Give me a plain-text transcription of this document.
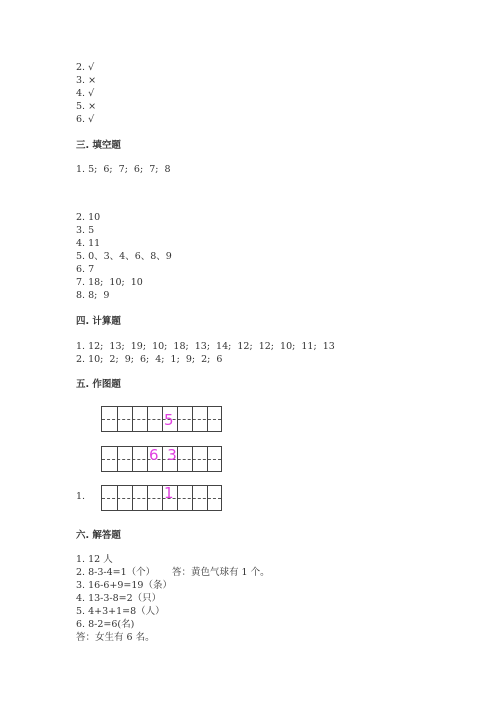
2. √
3. ×
4. √
5. ×
6. √
三. 填空题
1. 5;  6;  7;  6;  7;  8
2. 10
3. 5
4. 11
5. 0、3、4、6、8、9
6. 7
7. 18;  10;  10
8. 8;  9
四. 计算题
1. 12;  13;  19;  10;  18;  13;  14;  12;  12;  10;  11;  13
2. 10;  2;  9;  6;  4;  1;  9;  2;  6
五. 作图题
5
6 3
1.	1
六. 解答题
1. 12 人
2. 8-3-4=1（个） 答：黄色气球有 1 个。
3. 16-6+9=19（条）
4. 13-3-8=2（只）
5. 4+3+1=8（人）
6. 8-2=6(名)
答：女生有 6 名。
